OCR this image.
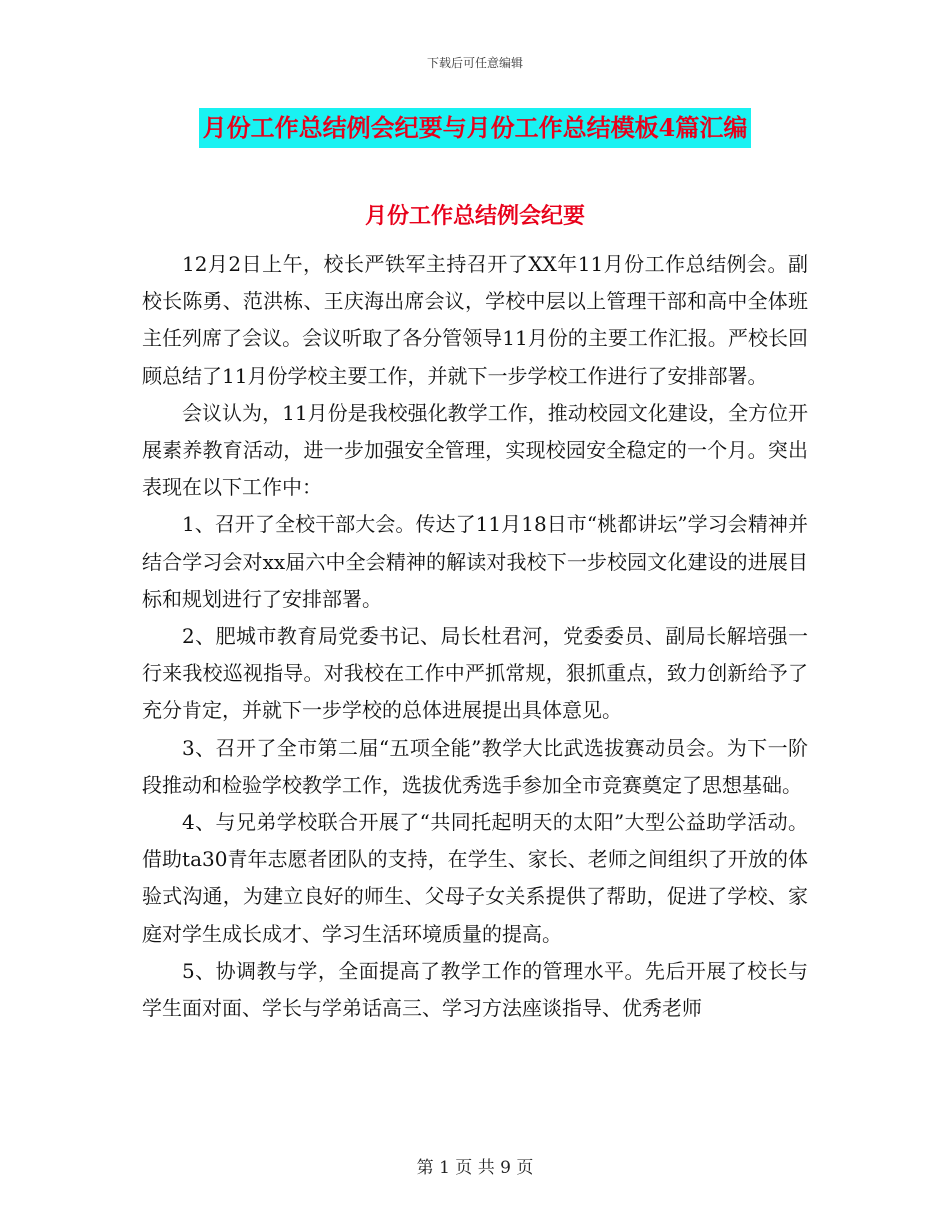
下载后可任意编辑
月份工作总结例会纪要与月份工作总结模板4篇汇编
月份工作总结例会纪要

12月2日上午，校长严铁军主持召开了XX年11月份工作总结例会。副校长陈勇、范洪栋、王庆海出席会议，学校中层以上管理干部和高中全体班主任列席了会议。会议听取了各分管领导11月份的主要工作汇报。严校长回顾总结了11月份学校主要工作，并就下一步学校工作进行了安排部署。

会议认为，11月份是我校强化教学工作，推动校园文化建设，全方位开展素养教育活动，进一步加强安全管理，实现校园安全稳定的一个月。突出表现在以下工作中：

1、召开了全校干部大会。传达了11月18日市“桃都讲坛”学习会精神并结合学习会对xx届六中全会精神的解读对我校下一步校园文化建设的进展目标和规划进行了安排部署。

2、肥城市教育局党委书记、局长杜君河，党委委员、副局长解培强一行来我校巡视指导。对我校在工作中严抓常规，狠抓重点，致力创新给予了充分肯定，并就下一步学校的总体进展提出具体意见。

3、召开了全市第二届“五项全能”教学大比武选拔赛动员会。为下一阶段推动和检验学校教学工作，选拔优秀选手参加全市竞赛奠定了思想基础。

4、与兄弟学校联合开展了“共同托起明天的太阳”大型公益助学活动。借助ta30青年志愿者团队的支持，在学生、家长、老师之间组织了开放的体验式沟通，为建立良好的师生、父母子女关系提供了帮助，促进了学校、家庭对学生成长成才、学习生活环境质量的提高。

5、协调教与学，全面提高了教学工作的管理水平。先后开展了校长与学生面对面、学长与学弟话高三、学习方法座谈指导、优秀老师

第 1 页 共 9 页
